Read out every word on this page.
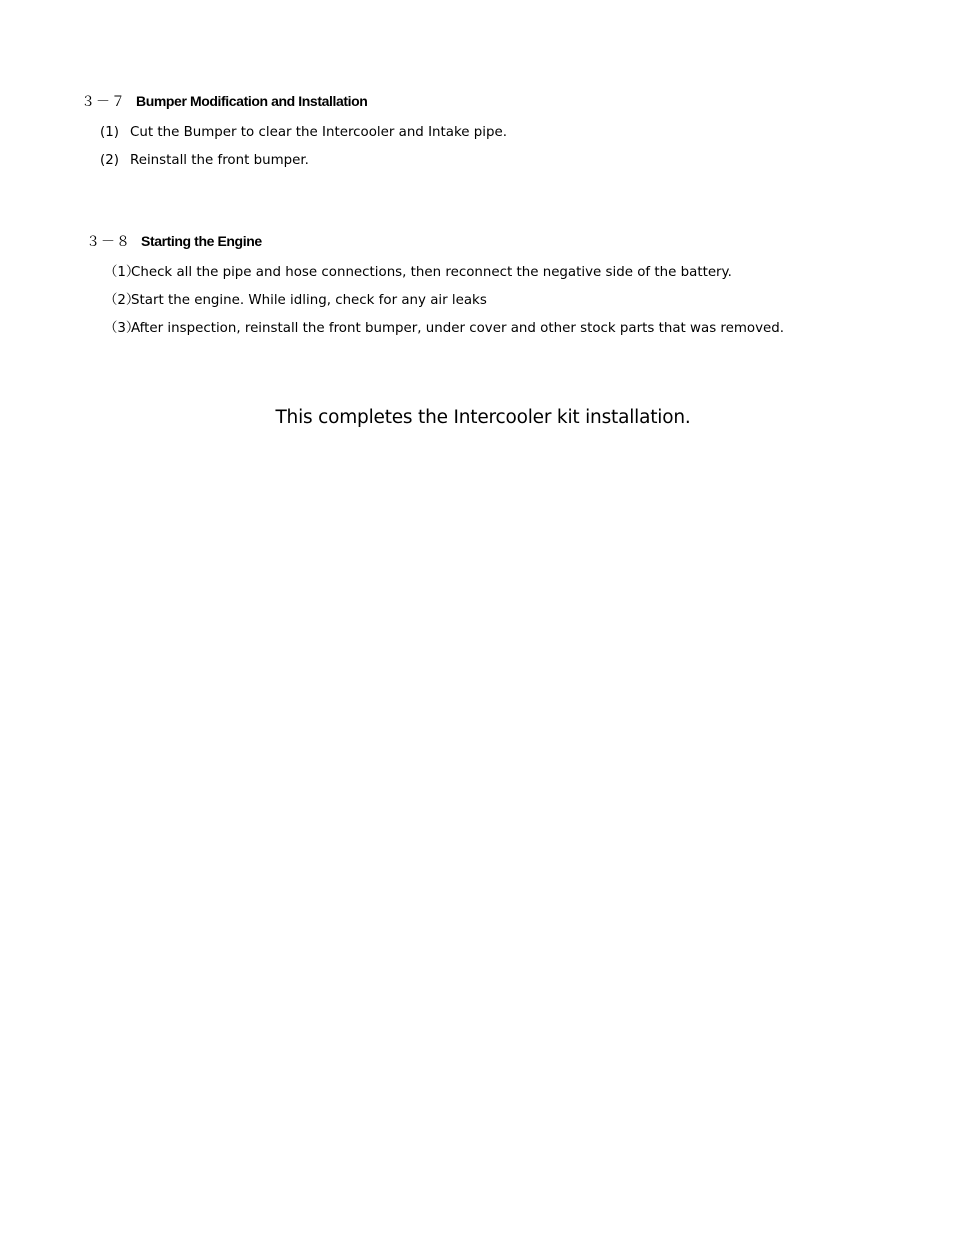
３－７ Bumper Modification and Installation
(1) Cut the Bumper to clear the Intercooler and Intake pipe.
(2) Reinstall the front bumper.
３－８ Starting the Engine
（1）
Check all the pipe and hose connections, then reconnect the negative side of the battery.
（2）
Start the engine. While idling, check for any air leaks
（3）
After inspection, reinstall the front bumper, under cover and other stock parts that was removed.
This completes the Intercooler kit installation.
